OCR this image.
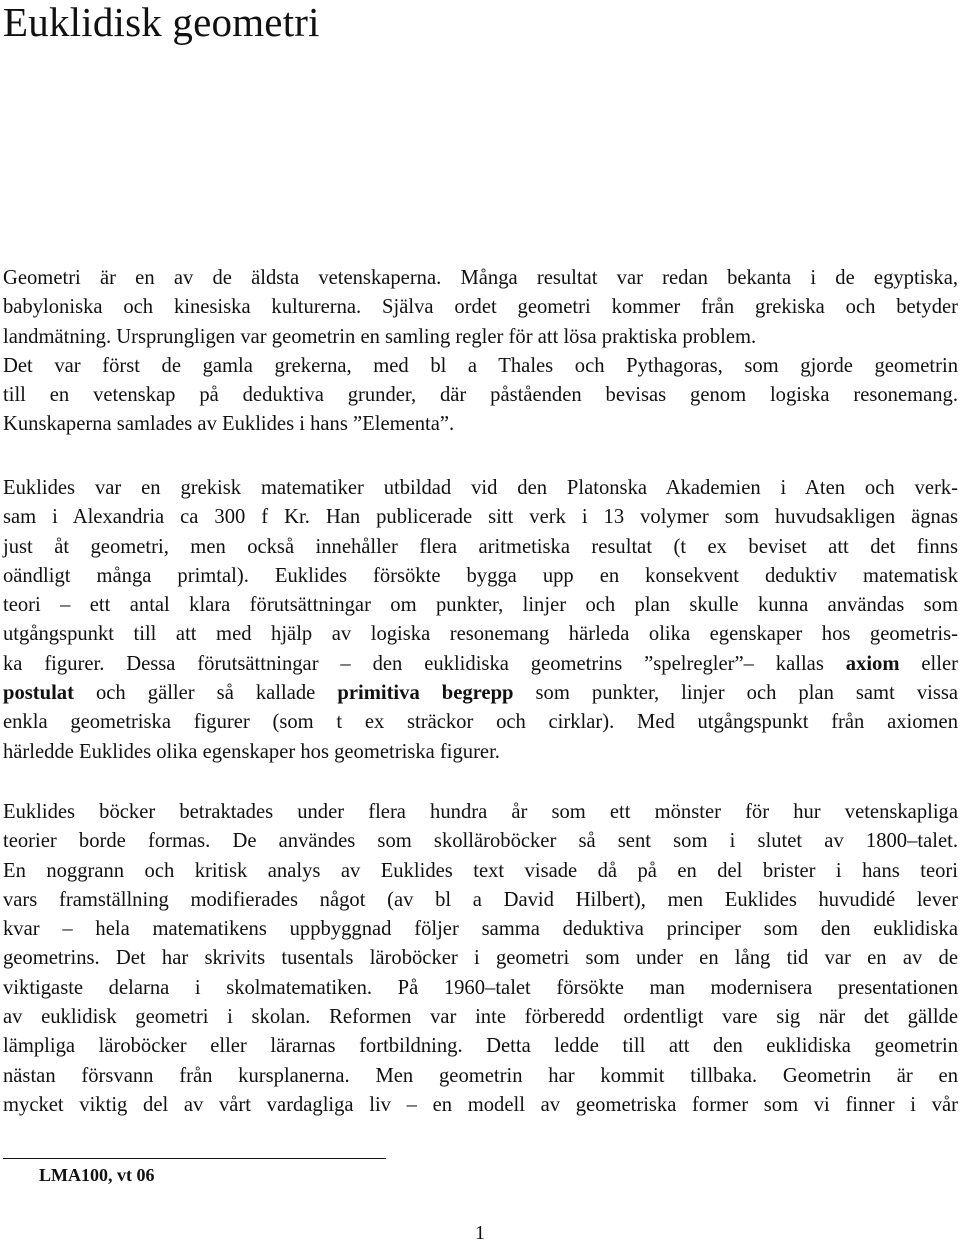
Euklidisk geometri
Geometri är en av de äldsta vetenskaperna. Många resultat var redan bekanta i de egyptiska,
babyloniska och kinesiska kulturerna. Själva ordet geometri kommer från grekiska och betyder
landmätning. Ursprungligen var geometrin en samling regler för att lösa praktiska problem.
Det var först de gamla grekerna, med bl a Thales och Pythagoras, som gjorde geometrin
till en vetenskap på deduktiva grunder, där påståenden bevisas genom logiska resonemang.
Kunskaperna samlades av Euklides i hans ”Elementa”.
Euklides var en grekisk matematiker utbildad vid den Platonska Akademien i Aten och verk-
sam i Alexandria ca 300 f Kr. Han publicerade sitt verk i 13 volymer som huvudsakligen ägnas
just åt geometri, men också innehåller flera aritmetiska resultat (t ex beviset att det finns
oändligt många primtal). Euklides försökte bygga upp en konsekvent deduktiv matematisk
teori – ett antal klara förutsättningar om punkter, linjer och plan skulle kunna användas som
utgångspunkt till att med hjälp av logiska resonemang härleda olika egenskaper hos geometris-
ka figurer. Dessa förutsättningar – den euklidiska geometrins ”spelregler”– kallas axiom eller
postulat och gäller så kallade primitiva begrepp som punkter, linjer och plan samt vissa
enkla geometriska figurer (som t ex sträckor och cirklar). Med utgångspunkt från axiomen
härledde Euklides olika egenskaper hos geometriska figurer.
Euklides böcker betraktades under flera hundra år som ett mönster för hur vetenskapliga
teorier borde formas. De användes som skolläroböcker så sent som i slutet av 1800–talet.
En noggrann och kritisk analys av Euklides text visade då på en del brister i hans teori
vars framställning modifierades något (av bl a David Hilbert), men Euklides huvudidé lever
kvar – hela matematikens uppbyggnad följer samma deduktiva principer som den euklidiska
geometrins. Det har skrivits tusentals läroböcker i geometri som under en lång tid var en av de
viktigaste delarna i skolmatematiken. På 1960–talet försökte man modernisera presentationen
av euklidisk geometri i skolan. Reformen var inte förberedd ordentligt vare sig när det gällde
lämpliga läroböcker eller lärarnas fortbildning. Detta ledde till att den euklidiska geometrin
nästan försvann från kursplanerna. Men geometrin har kommit tillbaka. Geometrin är en
mycket viktig del av vårt vardagliga liv – en modell av geometriska former som vi finner i vår
LMA100, vt 06
1
